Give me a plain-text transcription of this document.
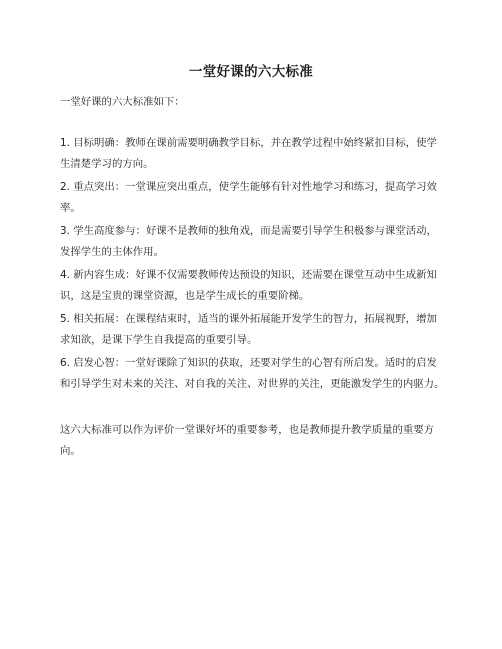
一堂好课的六大标准

一堂好课的六大标准如下：

1. 目标明确：教师在课前需要明确教学目标，并在教学过程中始终紧扣目标，使学生清楚学习的方向。
2. 重点突出：一堂课应突出重点，使学生能够有针对性地学习和练习，提高学习效率。
3. 学生高度参与：好课不是教师的独角戏，而是需要引导学生积极参与课堂活动，发挥学生的主体作用。
4. 新内容生成：好课不仅需要教师传达预设的知识，还需要在课堂互动中生成新知识，这是宝贵的课堂资源，也是学生成长的重要阶梯。
5. 相关拓展：在课程结束时，适当的课外拓展能开发学生的智力，拓展视野，增加求知欲，是课下学生自我提高的重要引导。
6. 启发心智：一堂好课除了知识的获取，还要对学生的心智有所启发。适时的启发和引导学生对未来的关注、对自我的关注、对世界的关注，更能激发学生的内驱力。

这六大标准可以作为评价一堂课好坏的重要参考，也是教师提升教学质量的重要方向。
